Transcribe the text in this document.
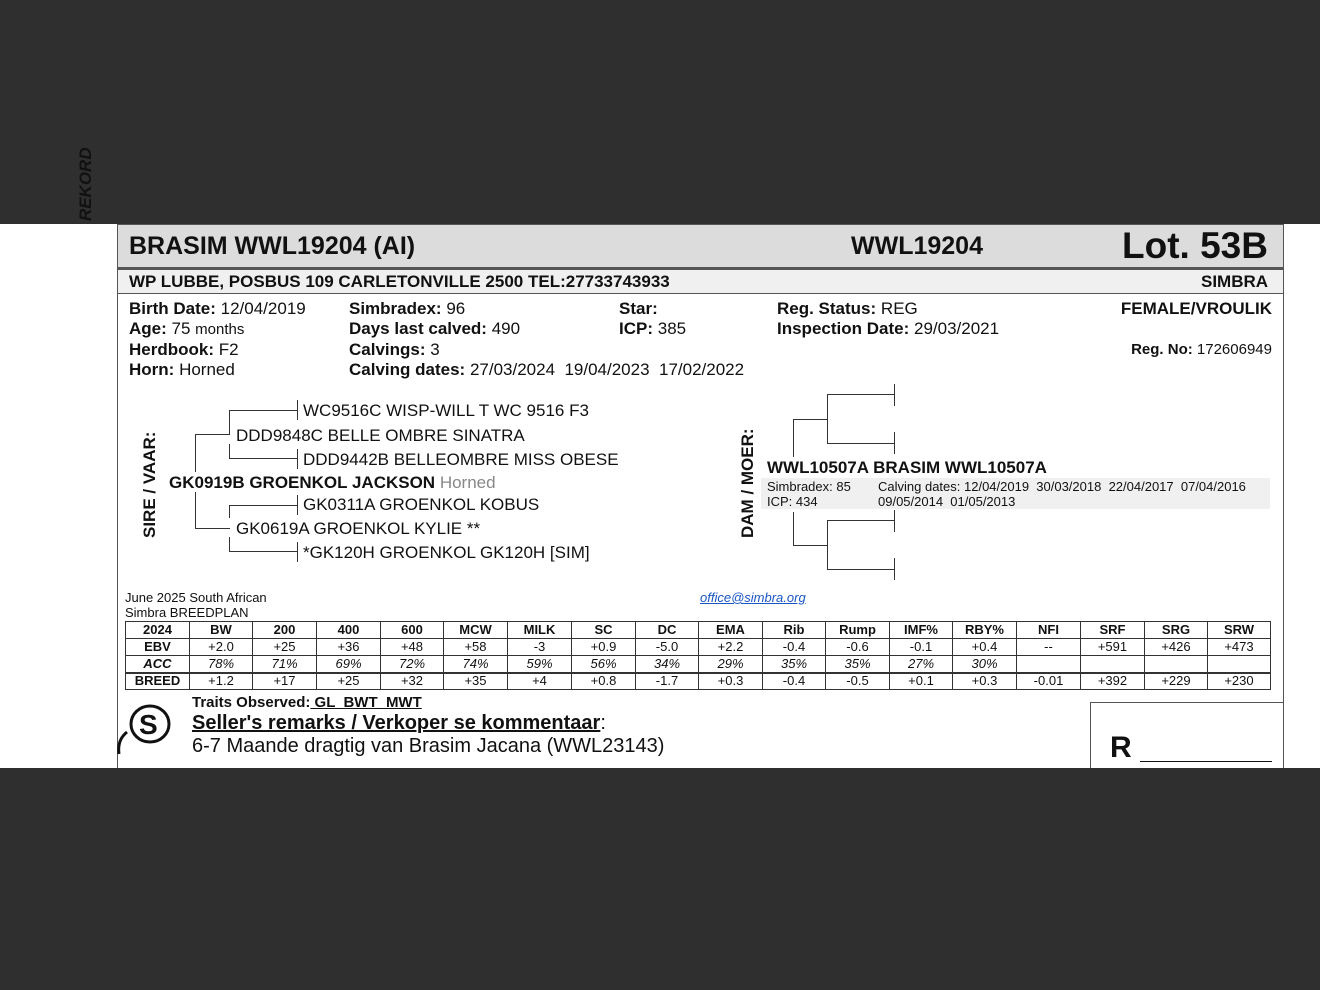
BRASIM WWL19204 (AI)	WWL19204	Lot. 53B
WP LUBBE, POSBUS 109 CARLETONVILLE 2500 TEL:27733743933	SIMBRA
Birth Date: 12/04/2019
Age: 75 months
Herdbook: F2
Horn: Horned
Simbradex: 96
Days last calved: 490
Calvings: 3
Calving dates: 27/03/2024  19/04/2023  17/02/2022
Star:
ICP: 385
Reg. Status: REG
Inspection Date: 29/03/2021
FEMALE/VROULIK
Reg. No: 172606949
SIRE / VAAR:
WC9516C WISP-WILL T WC 9516 F3
DDD9848C BELLE OMBRE SINATRA
DDD9442B BELLEOMBRE MISS OBESE
GK0919B GROENKOL JACKSON Horned
GK0311A GROENKOL KOBUS
GK0619A GROENKOL KYLIE **
*GK120H GROENKOL GK120H [SIM]
DAM / MOER: WWL10507A BRASIM WWL10507A
Simbradex: 85
ICP: 434
Calving dates: 12/04/2019  30/03/2018  22/04/2017  07/04/2016
09/05/2014  01/05/2013
June 2025 South African
Simbra BREEDPLAN
office@simbra.org
2024	BW	200	400	600	MCW	MILK	SC	DC	EMA	Rib	Rump	IMF%	RBY%	NFI	SRF	SRG	SRW
EBV	+2.0	+25	+36	+48	+58	-3	+0.9	-5.0	+2.2	-0.4	-0.6	-0.1	+0.4	--	+591	+426	+473
ACC	78%	71%	69%	72%	74%	59%	56%	34%	29%	35%	35%	27%	30%				
BREED	+1.2	+17	+25	+32	+35	+4	+0.8	-1.7	+0.3	-0.4	-0.5	+0.1	+0.3	-0.01	+392	+229	+230
Traits Observed: GL  BWT  MWT
S Seller's remarks / Verkoper se kommentaar:
6-7 Maande dragtig van Brasim Jacana (WWL23143)	R
